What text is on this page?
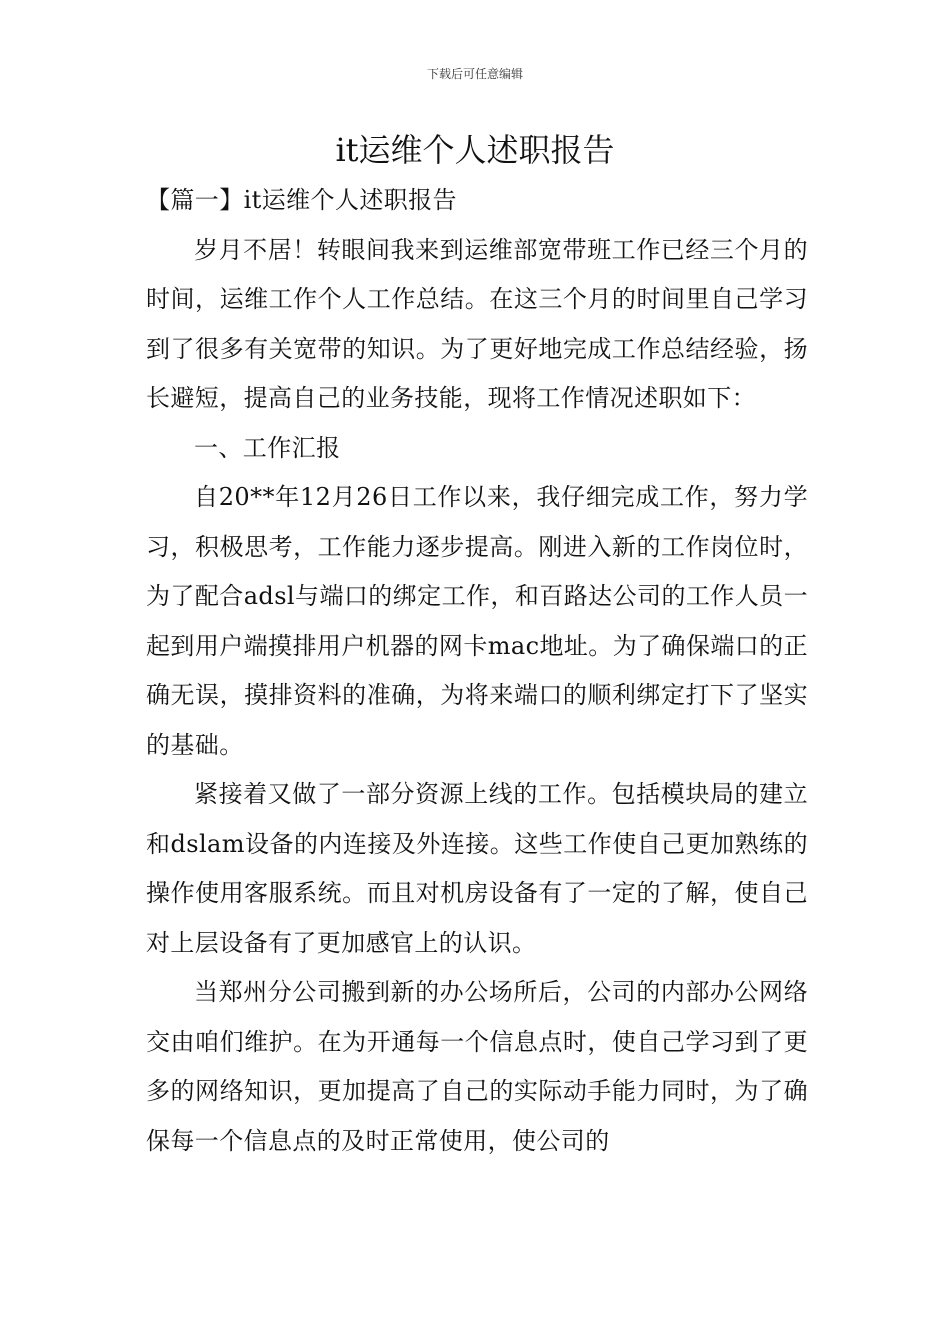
下载后可任意编辑
it运维个人述职报告
【篇一】it运维个人述职报告

岁月不居！转眼间我来到运维部宽带班工作已经三个月的时间，运维工作个人工作总结。在这三个月的时间里自己学习到了很多有关宽带的知识。为了更好地完成工作总结经验，扬长避短，提高自己的业务技能，现将工作情况述职如下：

一、工作汇报

自20**年12月26日工作以来，我仔细完成工作，努力学习，积极思考，工作能力逐步提高。刚进入新的工作岗位时，为了配合adsl与端口的绑定工作，和百路达公司的工作人员一起到用户端摸排用户机器的网卡mac地址。为了确保端口的正确无误，摸排资料的准确，为将来端口的顺利绑定打下了坚实的基础。

紧接着又做了一部分资源上线的工作。包括模块局的建立和dslam设备的内连接及外连接。这些工作使自己更加熟练的操作使用客服系统。而且对机房设备有了一定的了解，使自己对上层设备有了更加感官上的认识。

当郑州分公司搬到新的办公场所后，公司的内部办公网络交由咱们维护。在为开通每一个信息点时，使自己学习到了更多的网络知识，更加提高了自己的实际动手能力同时，为了确保每一个信息点的及时正常使用，使公司的
